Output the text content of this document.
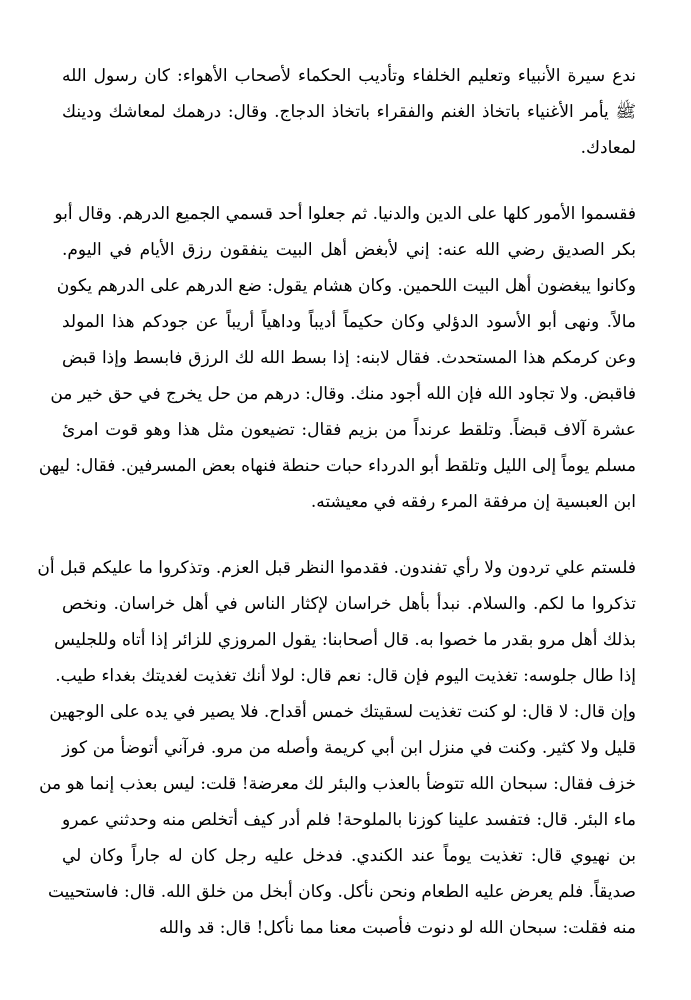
ندع سيرة الأنبياء وتعليم الخلفاء وتأديب الحكماء لأصحاب الأهواء: كان رسول الله
ﷺ يأمر الأغنياء باتخاذ الغنم والفقراء باتخاذ الدجاج. وقال: درهمك لمعاشك ودينك
لمعادك.
فقسموا الأمور كلها على الدين والدنيا. ثم جعلوا أحد قسمي الجميع الدرهم. وقال أبو
بكر الصديق رضي الله عنه: إني لأبغض أهل البيت ينفقون رزق الأيام في اليوم.
وكانوا يبغضون أهل البيت اللحمين. وكان هشام يقول: ضع الدرهم على الدرهم يكون
مالاً. ونهى أبو الأسود الدؤلي وكان حكيماً أديباً وداهياً أريباً عن جودكم هذا المولد
وعن كرمكم هذا المستحدث. فقال لابنه: إذا بسط الله لك الرزق فابسط وإذا قبض
فاقبض. ولا تجاود الله فإن الله أجود منك. وقال: درهم من حل يخرج في حق خير من
عشرة آلاف قبضاً. وتلقط عرنداً من بزيم فقال: تضيعون مثل هذا وهو قوت امرئ
مسلم يوماً إلى الليل وتلقط أبو الدرداء حبات حنطة فنهاه بعض المسرفين. فقال: ليهن
ابن العبسية إن مرفقة المرء رفقه في معيشته.
فلستم علي تردون ولا رأي تفندون. فقدموا النظر قبل العزم. وتذكروا ما عليكم قبل أن
تذكروا ما لكم. والسلام. نبدأ بأهل خراسان لإكثار الناس في أهل خراسان. ونخص
بذلك أهل مرو بقدر ما خصوا به. قال أصحابنا: يقول المروزي للزائر إذا أتاه وللجليس
إذا طال جلوسه: تغذيت اليوم فإن قال: نعم قال: لولا أنك تغذيت لغديتك بغداء طيب.
وإن قال: لا قال: لو كنت تغذيت لسقيتك خمس أقداح. فلا يصير في يده على الوجهين
قليل ولا كثير. وكنت في منزل ابن أبي كريمة وأصله من مرو. فرآني أتوضأ من كوز
خزف فقال: سبحان الله تتوضأ بالعذب والبئر لك معرضة! قلت: ليس بعذب إنما هو من
ماء البئر. قال: فتفسد علينا كوزنا بالملوحة! فلم أدر كيف أتخلص منه وحدثني عمرو
بن نهيوي قال: تغذيت يوماً عند الكندي. فدخل عليه رجل كان له جاراً وكان لي
صديقاً. فلم يعرض عليه الطعام ونحن نأكل. وكان أبخل من خلق الله. قال: فاستحييت
منه فقلت: سبحان الله لو دنوت فأصبت معنا مما نأكل! قال: قد والله
